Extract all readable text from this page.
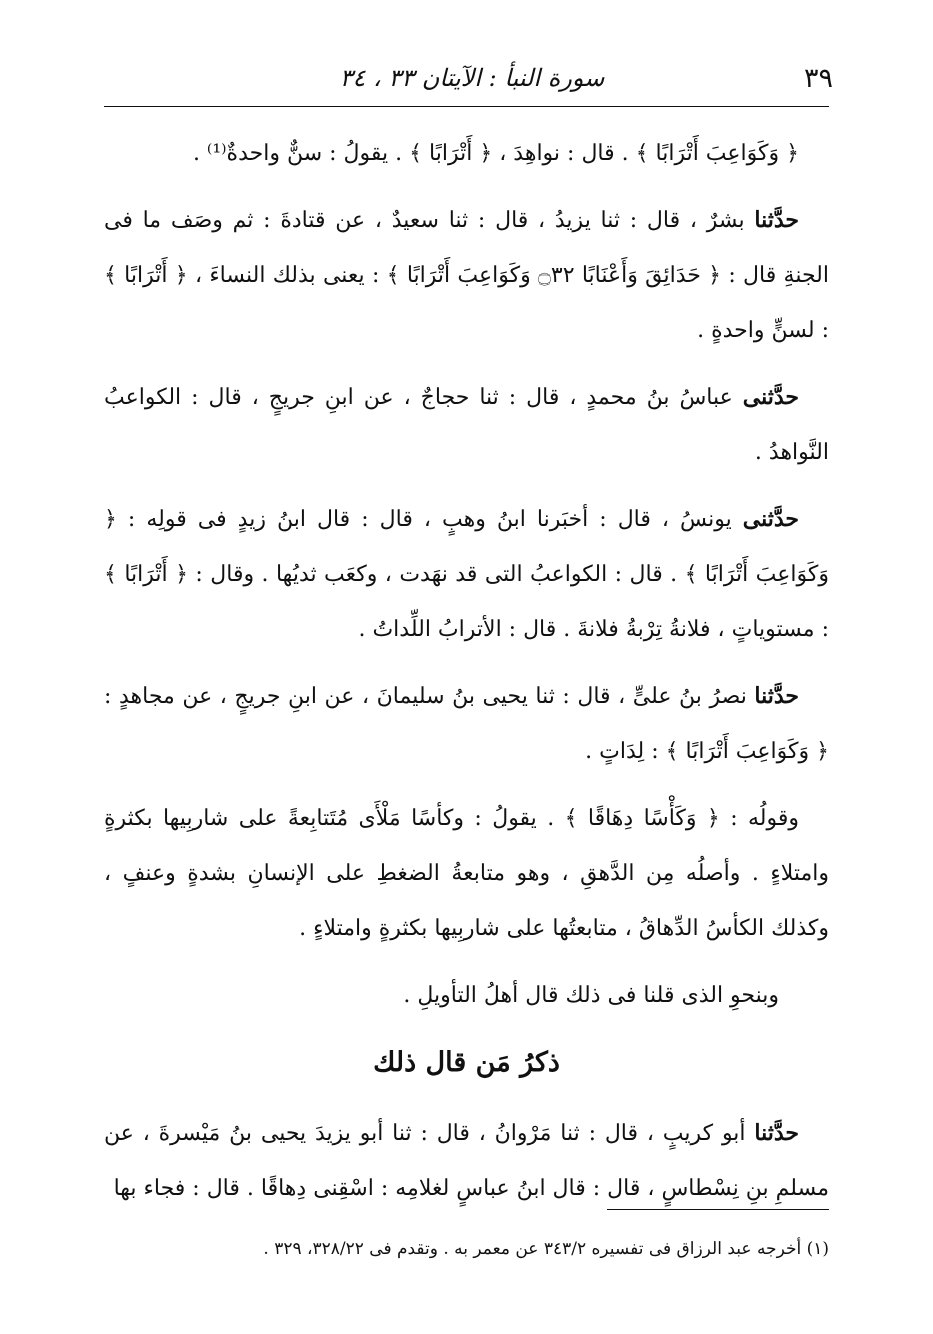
٣٩
سورة النبأ : الآيتان ٣٣ ، ٣٤

﴿ وَكَوَاعِبَ أَتْرَابًا ﴾ . قال : نواهِدَ ، ﴿ أَتْرَابًا ﴾ . يقولُ : سنٌّ واحدةٌ⁽¹⁾ .

حدَّثنا بشرٌ ، قال : ثنا يزيدُ ، قال : ثنا سعيدٌ ، عن قتادةَ : ثم وصَف ما فى الجنةِ قال : ﴿ حَدَائِقَ وَأَعْنَابًا ۝٣٢ وَكَوَاعِبَ أَتْرَابًا ﴾ : يعنى بذلك النساءَ ، ﴿ أَتْرَابًا ﴾ : لسنٍّ واحدةٍ .

حدَّثنى عباسُ بنُ محمدٍ ، قال : ثنا حجاجٌ ، عن ابنِ جريجٍ ، قال : الكواعبُ النَّواهدُ .

حدَّثنى يونسُ ، قال : أخبَرنا ابنُ وهبٍ ، قال : قال ابنُ زيدٍ فى قولِه : ﴿ وَكَوَاعِبَ أَتْرَابًا ﴾ . قال : الكواعبُ التى قد نهَدت ، وكعَب ثديُها . وقال : ﴿ أَتْرَابًا ﴾ : مستوياتٍ ، فلانةُ تِرْبةُ فلانةَ . قال : الأترابُ اللِّداتُ .

حدَّثنا نصرُ بنُ علىٍّ ، قال : ثنا يحيى بنُ سليمانَ ، عن ابنِ جريجٍ ، عن مجاهدٍ : ﴿ وَكَوَاعِبَ أَتْرَابًا ﴾ : لِدَاتٍ .

وقولُه : ﴿ وَكَأْسًا دِهَاقًا ﴾ . يقولُ : وكأسًا مَلْأَى مُتَتابِعةً على شاربِيها بكثرةٍ وامتلاءٍ . وأصلُه مِن الدَّهقِ ، وهو متابعةُ الضغطِ على الإنسانِ بشدةٍ وعنفٍ ، وكذلك الكأسُ الدِّهاقُ ، متابعتُها على شاربِيها بكثرةٍ وامتلاءٍ .

وبنحوِ الذى قلنا فى ذلك قال أهلُ التأويلِ .

ذكرُ مَن قال ذلك

حدَّثنا أبو كريبٍ ، قال : ثنا مَرْوانُ ، قال : ثنا أبو يزيدَ يحيى بنُ مَيْسرةَ ، عن مسلمِ بنِ نِسْطاسٍ ، قال : قال ابنُ عباسٍ لغلامِه : اسْقِنى دِهاقًا . قال : فجاء بها

(١) أخرجه عبد الرزاق فى تفسيره ٣٤٣/٢ عن معمر به . وتقدم فى ٣٢٨/٢٢، ٣٢٩ .
